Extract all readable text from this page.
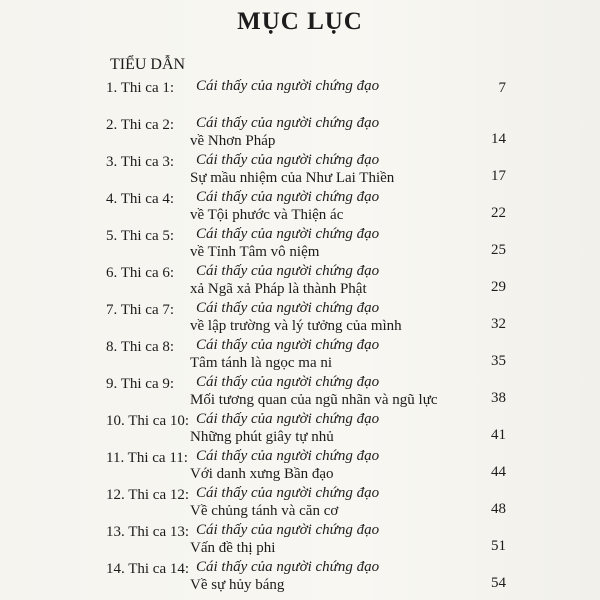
MỤC LỤC
TIỂU DẪN
1. Thi ca 1: Cái thấy của người chứng đạo	7
2. Thi ca 2: Cái thấy của người chứng đạo
về Nhơn Pháp	14
3. Thi ca 3: Cái thấy của người chứng đạo
Sự mầu nhiệm của Như Lai Thiền	17
4. Thi ca 4: Cái thấy của người chứng đạo
về Tội phước và Thiện ác	22
5. Thi ca 5: Cái thấy của người chứng đạo
về Tỉnh Tâm vô niệm	25
6. Thi ca 6: Cái thấy của người chứng đạo
xả Ngã xả Pháp là thành Phật	29
7. Thi ca 7: Cái thấy của người chứng đạo
về lập trường và lý tưởng của mình	32
8. Thi ca 8: Cái thấy của người chứng đạo
Tâm tánh là ngọc ma ni	35
9. Thi ca 9: Cái thấy của người chứng đạo
Mối tương quan của ngũ nhãn và ngũ lực	38
10. Thi ca 10: Cái thấy của người chứng đạo
Những phút giây tự nhủ	41
11. Thi ca 11: Cái thấy của người chứng đạo
Với danh xưng Bần đạo	44
12. Thi ca 12: Cái thấy của người chứng đạo
Về chủng tánh và căn cơ	48
13. Thi ca 13: Cái thấy của người chứng đạo
Vấn đề thị phi	51
14. Thi ca 14: Cái thấy của người chứng đạo
Về sự hủy báng	54
